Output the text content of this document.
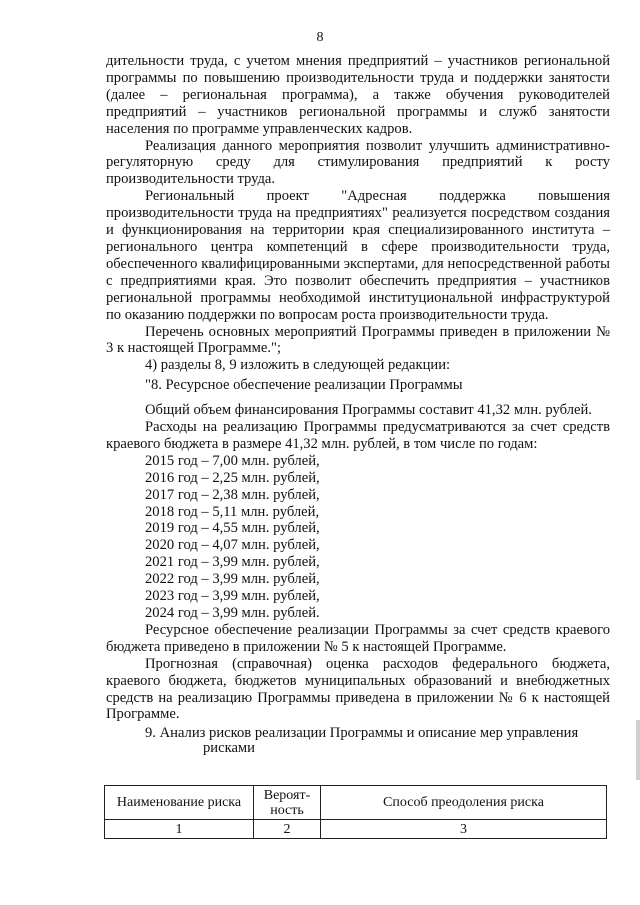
8

дительности труда, с учетом мнения предприятий – участников региональной программы по повышению производительности труда и поддержки занятости (далее – региональная программа), а также обучения руководителей предприятий – участников региональной программы и служб занятости населения по программе управленческих кадров.

Реализация данного мероприятия позволит улучшить административно-регуляторную среду для стимулирования предприятий к росту производительности труда.

Региональный проект "Адресная поддержка повышения производительности труда на предприятиях" реализуется посредством создания и функционирования на территории края специализированного института – регионального центра компетенций в сфере производительности труда, обеспеченного квалифицированными экспертами, для непосредственной работы с предприятиями края. Это позволит обеспечить предприятия – участников региональной программы необходимой институциональной инфраструктурой по оказанию поддержки по вопросам роста производительности труда.

Перечень основных мероприятий Программы приведен в приложении № 3 к настоящей Программе.";

4) разделы 8, 9 изложить в следующей редакции:

"8. Ресурсное обеспечение реализации Программы

Общий объем финансирования Программы составит 41,32 млн. рублей.

Расходы на реализацию Программы предусматриваются за счет средств краевого бюджета в размере 41,32 млн. рублей, в том числе по годам:

2015 год – 7,00 млн. рублей,
2016 год – 2,25 млн. рублей,
2017 год – 2,38 млн. рублей,
2018 год – 5,11 млн. рублей,
2019 год – 4,55 млн. рублей,
2020 год – 4,07 млн. рублей,
2021 год – 3,99 млн. рублей,
2022 год – 3,99 млн. рублей,
2023 год – 3,99 млн. рублей,
2024 год – 3,99 млн. рублей.

Ресурсное обеспечение реализации Программы за счет средств краевого бюджета приведено в приложении № 5 к настоящей Программе.

Прогнозная (справочная) оценка расходов федерального бюджета, краевого бюджета, бюджетов муниципальных образований и внебюджетных средств на реализацию Программы приведена в приложении № 6 к настоящей Программе.

9. Анализ рисков реализации Программы и описание мер управления
рисками

Наименование риска	Вероят-ность	Способ преодоления риска
1	2	3
